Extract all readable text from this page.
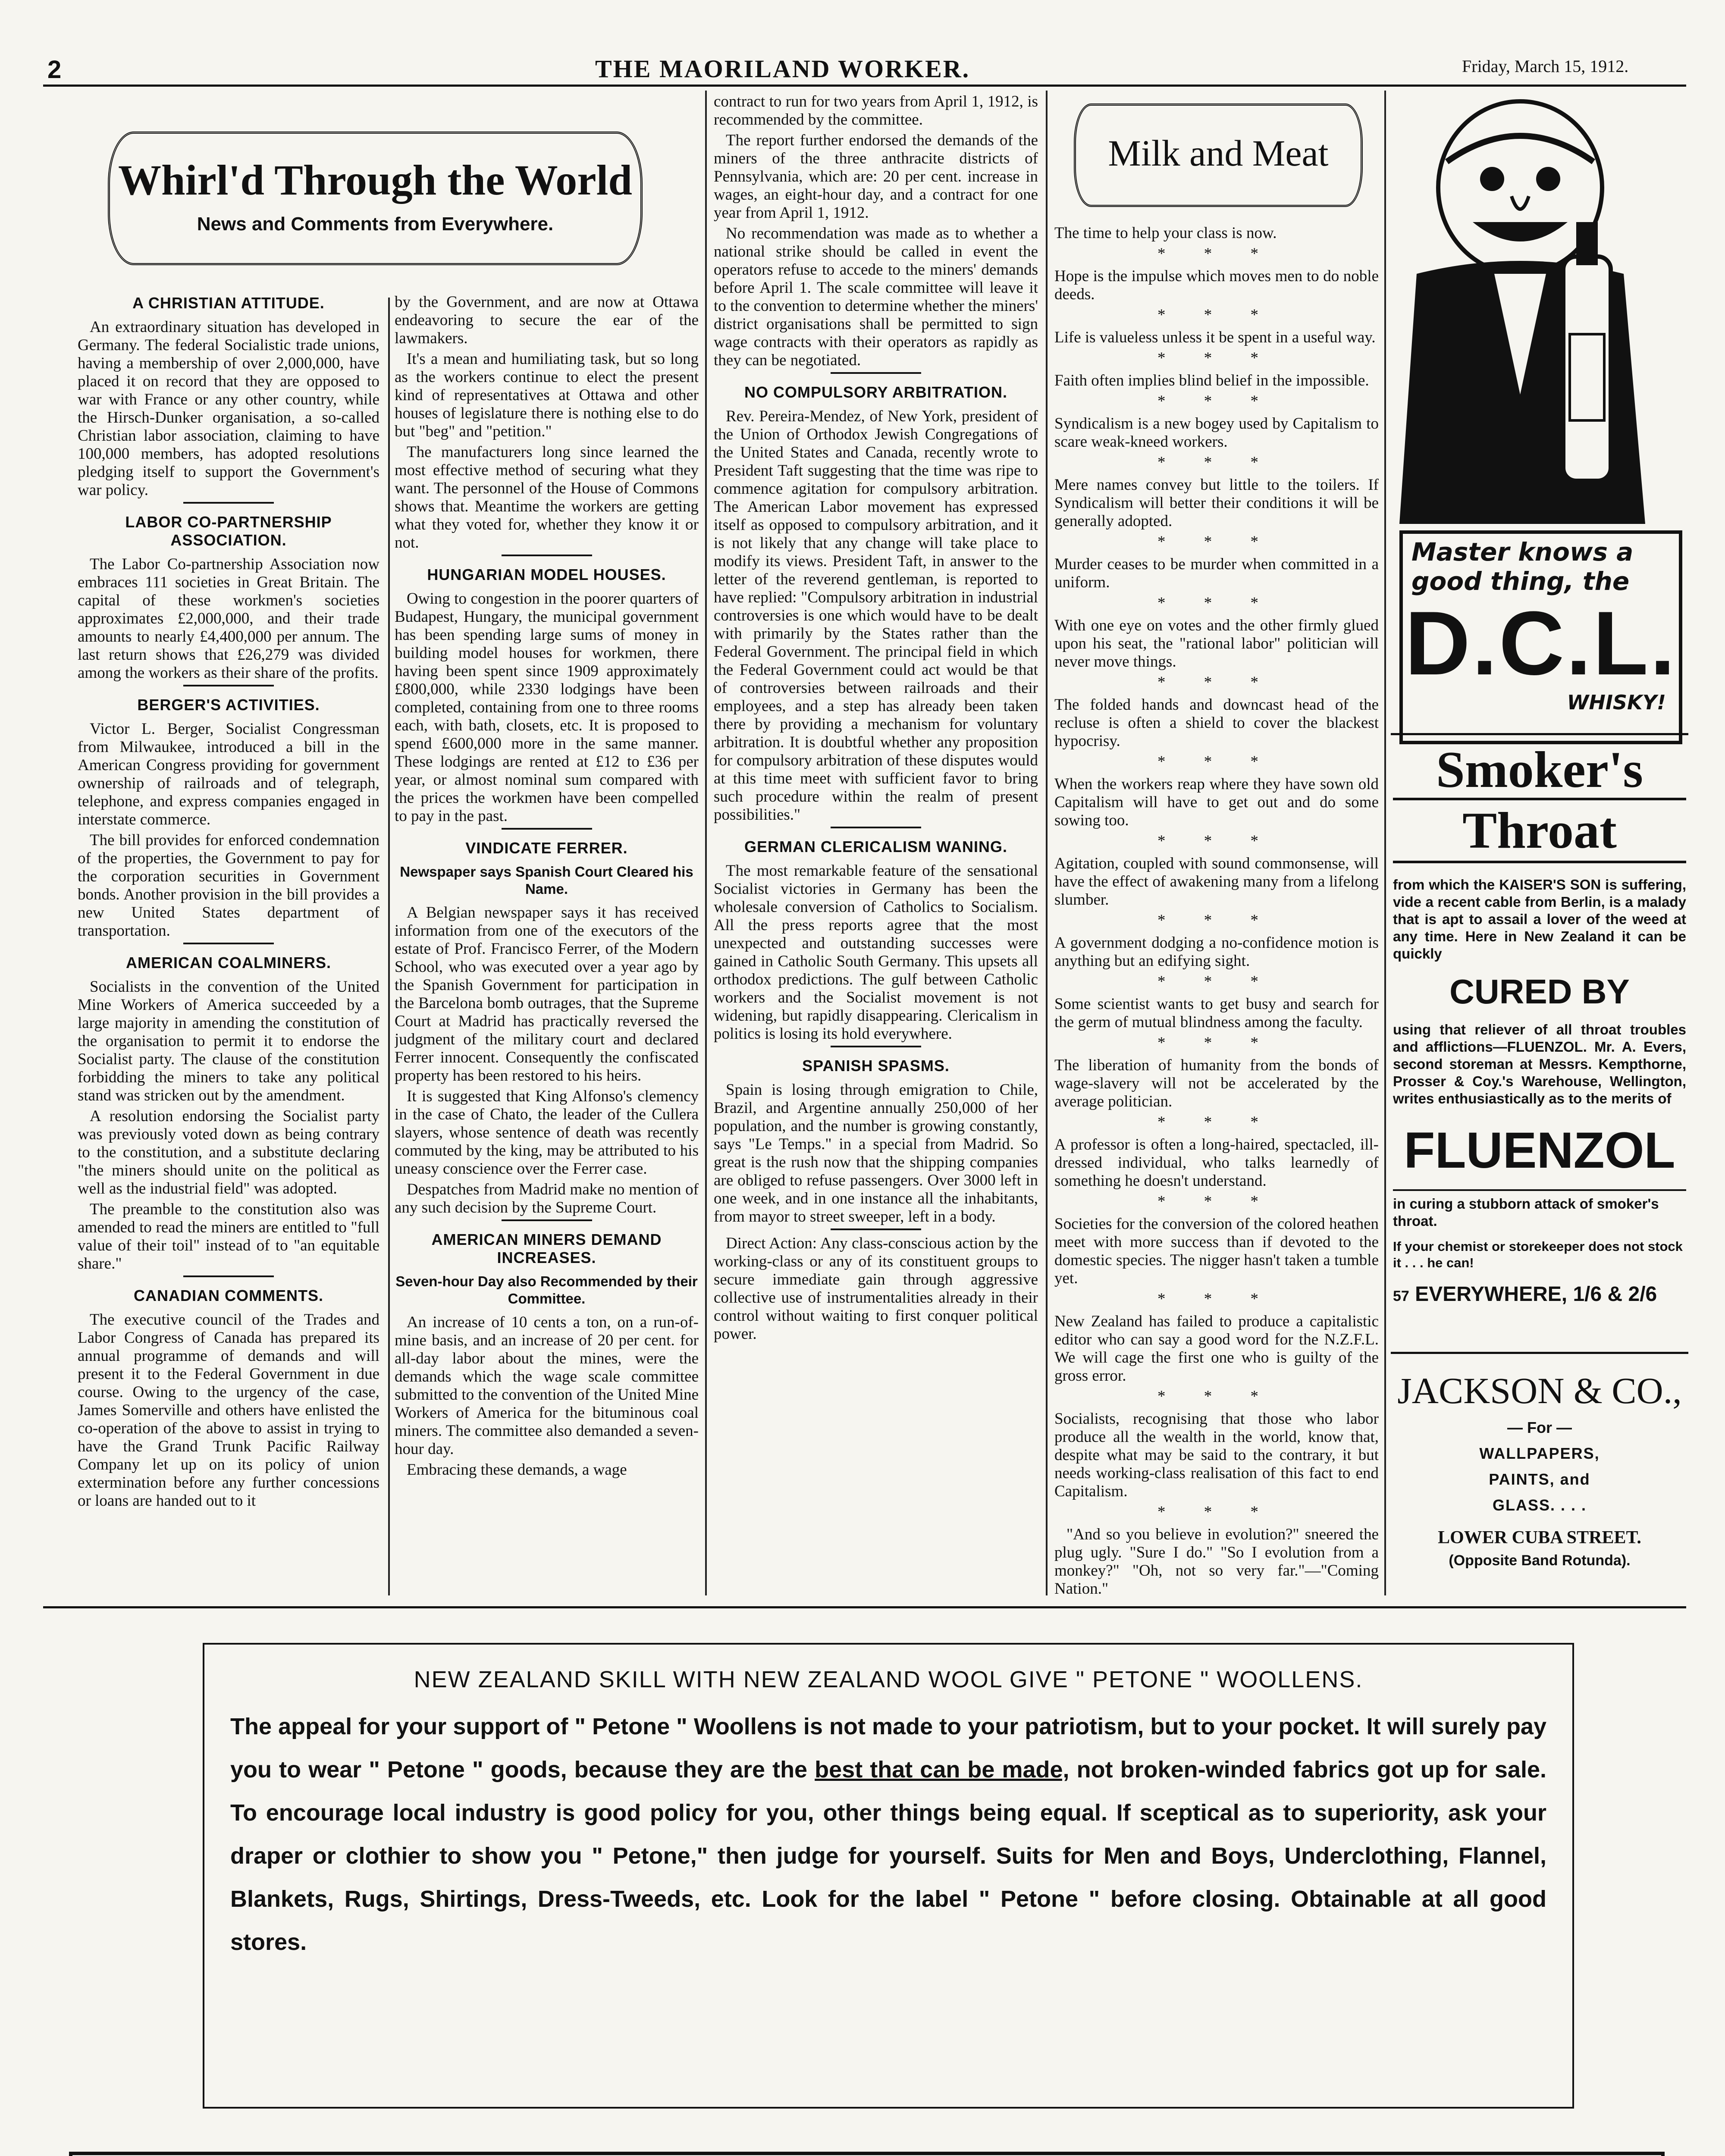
2	THE MAORILAND WORKER.	Friday, March 15, 1912.
Whirl'd Through the World
News and Comments from Everywhere.
A CHRISTIAN ATTITUDE.

An extraordinary situation has developed in Germany. The federal Socialistic trade unions, having a membership of over 2,000,000, have placed it on record that they are opposed to war with France or any other country, while the Hirsch-Dunker organisation, a so-called Christian labor association, claiming to have 100,000 members, has adopted resolutions pledging itself to support the Government's war policy.

LABOR CO-PARTNERSHIP ASSOCIATION.

The Labor Co-partnership Association now embraces 111 societies in Great Britain. The capital of these workmen's societies approximates £2,000,000, and their trade amounts to nearly £4,400,000 per annum. The last return shows that £26,279 was divided among the workers as their share of the profits.

BERGER'S ACTIVITIES.

Victor L. Berger, Socialist Congressman from Milwaukee, introduced a bill in the American Congress providing for government ownership of railroads and of telegraph, telephone, and express companies engaged in interstate commerce.

The bill provides for enforced condemnation of the properties, the Government to pay for the corporation securities in Government bonds. Another provision in the bill provides a new United States department of transportation.

AMERICAN COALMINERS.

Socialists in the convention of the United Mine Workers of America succeeded by a large majority in amending the constitution of the organisation to permit it to endorse the Socialist party. The clause of the constitution forbidding the miners to take any political stand was stricken out by the amendment.

A resolution endorsing the Socialist party was previously voted down as being contrary to the constitution, and a substitute declaring "the miners should unite on the political as well as the industrial field" was adopted.

The preamble to the constitution also was amended to read the miners are entitled to "full value of their toil" instead of to "an equitable share."

CANADIAN COMMENTS.

The executive council of the Trades and Labor Congress of Canada has prepared its annual programme of demands and will present it to the Federal Government in due course. Owing to the urgency of the case, James Somerville and others have enlisted the co-operation of the above to assist in trying to have the Grand Trunk Pacific Railway Company let up on its policy of union extermination before any further concessions or loans are handed out to it

by the Government, and are now at Ottawa endeavoring to secure the ear of the lawmakers.

It's a mean and humiliating task, but so long as the workers continue to elect the present kind of representatives at Ottawa and other houses of legislature there is nothing else to do but "beg" and "petition."

The manufacturers long since learned the most effective method of securing what they want. The personnel of the House of Commons shows that. Meantime the workers are getting what they voted for, whether they know it or not.

HUNGARIAN MODEL HOUSES.

Owing to congestion in the poorer quarters of Budapest, Hungary, the municipal government has been spending large sums of money in building model houses for workmen, there having been spent since 1909 approximately £800,000, while 2330 lodgings have been completed, containing from one to three rooms each, with bath, closets, etc. It is proposed to spend £600,000 more in the same manner. These lodgings are rented at £12 to £36 per year, or almost nominal sum compared with the prices the workmen have been compelled to pay in the past.

VINDICATE FERRER.
Newspaper says Spanish Court Cleared his Name.

A Belgian newspaper says it has received information from one of the executors of the estate of Prof. Francisco Ferrer, of the Modern School, who was executed over a year ago by the Spanish Government for participation in the Barcelona bomb outrages, that the Supreme Court at Madrid has practically reversed the judgment of the military court and declared Ferrer innocent. Consequently the confiscated property has been restored to his heirs.

It is suggested that King Alfonso's clemency in the case of Chato, the leader of the Cullera slayers, whose sentence of death was recently commuted by the king, may be attributed to his uneasy conscience over the Ferrer case.

Despatches from Madrid make no mention of any such decision by the Supreme Court.

AMERICAN MINERS DEMAND INCREASES.
Seven-hour Day also Recommended by their Committee.

An increase of 10 cents a ton, on a run-of-mine basis, and an increase of 20 per cent. for all-day labor about the mines, were the demands which the wage scale committee submitted to the convention of the United Mine Workers of America for the bituminous coal miners. The committee also demanded a seven-hour day.

Embracing these demands, a wage

contract to run for two years from April 1, 1912, is recommended by the committee.

The report further endorsed the demands of the miners of the three anthracite districts of Pennsylvania, which are: 20 per cent. increase in wages, an eight-hour day, and a contract for one year from April 1, 1912.

No recommendation was made as to whether a national strike should be called in event the operators refuse to accede to the miners' demands before April 1. The scale committee will leave it to the convention to determine whether the miners' district organisations shall be permitted to sign wage contracts with their operators as rapidly as they can be negotiated.

NO COMPULSORY ARBITRATION.

Rev. Pereira-Mendez, of New York, president of the Union of Orthodox Jewish Congregations of the United States and Canada, recently wrote to President Taft suggesting that the time was ripe to commence agitation for compulsory arbitration. The American Labor movement has expressed itself as opposed to compulsory arbitration, and it is not likely that any change will take place to modify its views. President Taft, in answer to the letter of the reverend gentleman, is reported to have replied: "Compulsory arbitration in industrial controversies is one which would have to be dealt with primarily by the States rather than the Federal Government. The principal field in which the Federal Government could act would be that of controversies between railroads and their employees, and a step has already been taken there by providing a mechanism for voluntary arbitration. It is doubtful whether any proposition for compulsory arbitration of these disputes would at this time meet with sufficient favor to bring such procedure within the realm of present possibilities."

GERMAN CLERICALISM WANING.

The most remarkable feature of the sensational Socialist victories in Germany has been the wholesale conversion of Catholics to Socialism. All the press reports agree that the most unexpected and outstanding successes were gained in Catholic South Germany. This upsets all orthodox predictions. The gulf between Catholic workers and the Socialist movement is not widening, but rapidly disappearing. Clericalism in politics is losing its hold everywhere.

SPANISH SPASMS.

Spain is losing through emigration to Chile, Brazil, and Argentine annually 250,000 of her population, and the number is growing constantly, says "Le Temps." in a special from Madrid. So great is the rush now that the shipping companies are obliged to refuse passengers. Over 3000 left in one week, and in one instance all the inhabitants, from mayor to street sweeper, left in a body.

Direct Action: Any class-conscious action by the working-class or any of its constituent groups to secure immediate gain through aggressive collective use of instrumentalities already in their control without waiting to first conquer political power.

Milk and Meat

The time to help your class is now.

* * *

Hope is the impulse which moves men to do noble deeds.

* * *

Life is valueless unless it be spent in a useful way.

* * *

Faith often implies blind belief in the impossible.

* * *

Syndicalism is a new bogey used by Capitalism to scare weak-kneed workers.

* * *

Mere names convey but little to the toilers. If Syndicalism will better their conditions it will be generally adopted.

* * *

Murder ceases to be murder when committed in a uniform.

* * *

With one eye on votes and the other firmly glued upon his seat, the "rational labor" politician will never move things.

* * *

The folded hands and downcast head of the recluse is often a shield to cover the blackest hypocrisy.

* * *

When the workers reap where they have sown old Capitalism will have to get out and do some sowing too.

* * *

Agitation, coupled with sound commonsense, will have the effect of awakening many from a lifelong slumber.

* * *

A government dodging a no-confidence motion is anything but an edifying sight.

* * *

Some scientist wants to get busy and search for the germ of mutual blindness among the faculty.

* * *

The liberation of humanity from the bonds of wage-slavery will not be accelerated by the average politician.

* * *

A professor is often a long-haired, spectacled, ill-dressed individual, who talks learnedly of something he doesn't understand.

* * *

Societies for the conversion of the colored heathen meet with more success than if devoted to the domestic species. The nigger hasn't taken a tumble yet.

* * *

New Zealand has failed to produce a capitalistic editor who can say a good word for the N.Z.F.L. We will cage the first one who is guilty of the gross error.

* * *

Socialists, recognising that those who labor produce all the wealth in the world, know that, despite what may be said to the contrary, it but needs working-class realisation of this fact to end Capitalism.

* * *

"And so you believe in evolution?" sneered the plug ugly. "Sure I do." "So I evolution from a monkey?" "Oh, not so very far."—"Coming Nation."

Master knows a
good thing, the
D.C.L.
WHISKY!
Smoker's
Throat

from which the KAISER'S SON is suffering, vide a recent cable from Berlin, is a malady that is apt to assail a lover of the weed at any time. Here in New Zealand it can be quickly

CURED BY

using that reliever of all throat troubles and afflictions—FLUENZOL. Mr. A. Evers, second storeman at Messrs. Kempthorne, Prosser & Coy.'s Warehouse, Wellington, writes enthusiastically as to the merits of

FLUENZOL

in curing a stubborn attack of smoker's throat.

If your chemist or storekeeper does not stock it . . . he can!

57 EVERYWHERE, 1/6 & 2/6
JACKSON & CO.,
— For —
WALLPAPERS,
PAINTS, and
GLASS. . . .
LOWER CUBA STREET.
(Opposite Band Rotunda).
NEW ZEALAND SKILL WITH NEW ZEALAND WOOL GIVE " PETONE " WOOLLENS.

The appeal for your support of " Petone " Woollens is not made to your patriotism, but to your pocket. It will surely pay you to wear " Petone " goods, because they are the best that can be made, not broken-winded fabrics got up for sale. To encourage local industry is good policy for you, other things being equal. If sceptical as to superiority, ask your draper or clothier to show you " Petone," then judge for yourself. Suits for Men and Boys, Underclothing, Flannel, Blankets, Rugs, Shirtings, Dress-Tweeds, etc. Look for the label " Petone " before closing. Obtainable at all good stores.
